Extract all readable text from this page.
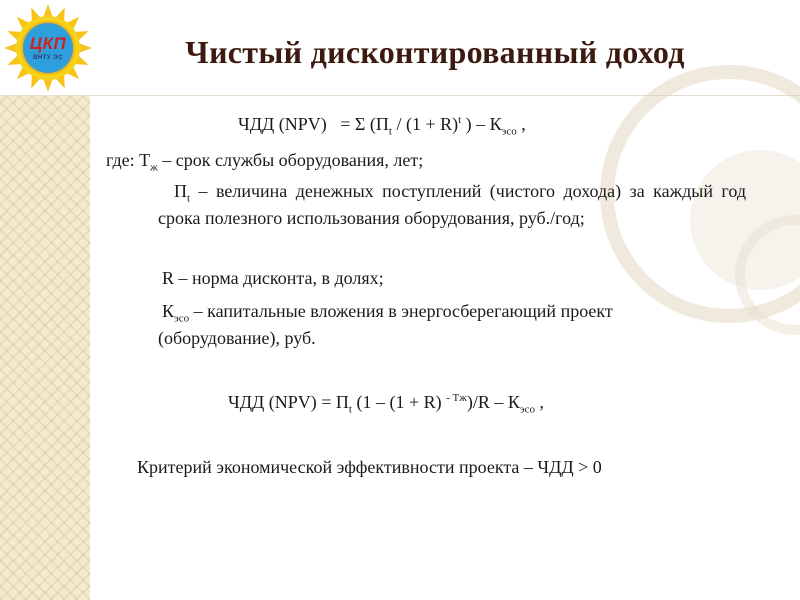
ЦКП
ВНТУ ЭС	Чистый дисконтированный доход
ЧДД (NPV) = Σ ($П_t / (1 + R)^t$ ) – $К_{эсо}$ ,
где: $Т_ж$ – срок службы оборудования, лет;
$П_t$ – величина денежных поступлений (чистого дохода) за каждый год срока полезного использования оборудования, руб./год;
R – норма дисконта, в долях;
$К_{эсо}$ – капитальные вложения в энергосберегающий проект (оборудование), руб.
ЧДД $(NPV) = П_t$ (1 – (1 + R) $^{- Тж})/R - К_{эсо}$ ,
Критерий экономической эффективности проекта – ЧДД > 0
